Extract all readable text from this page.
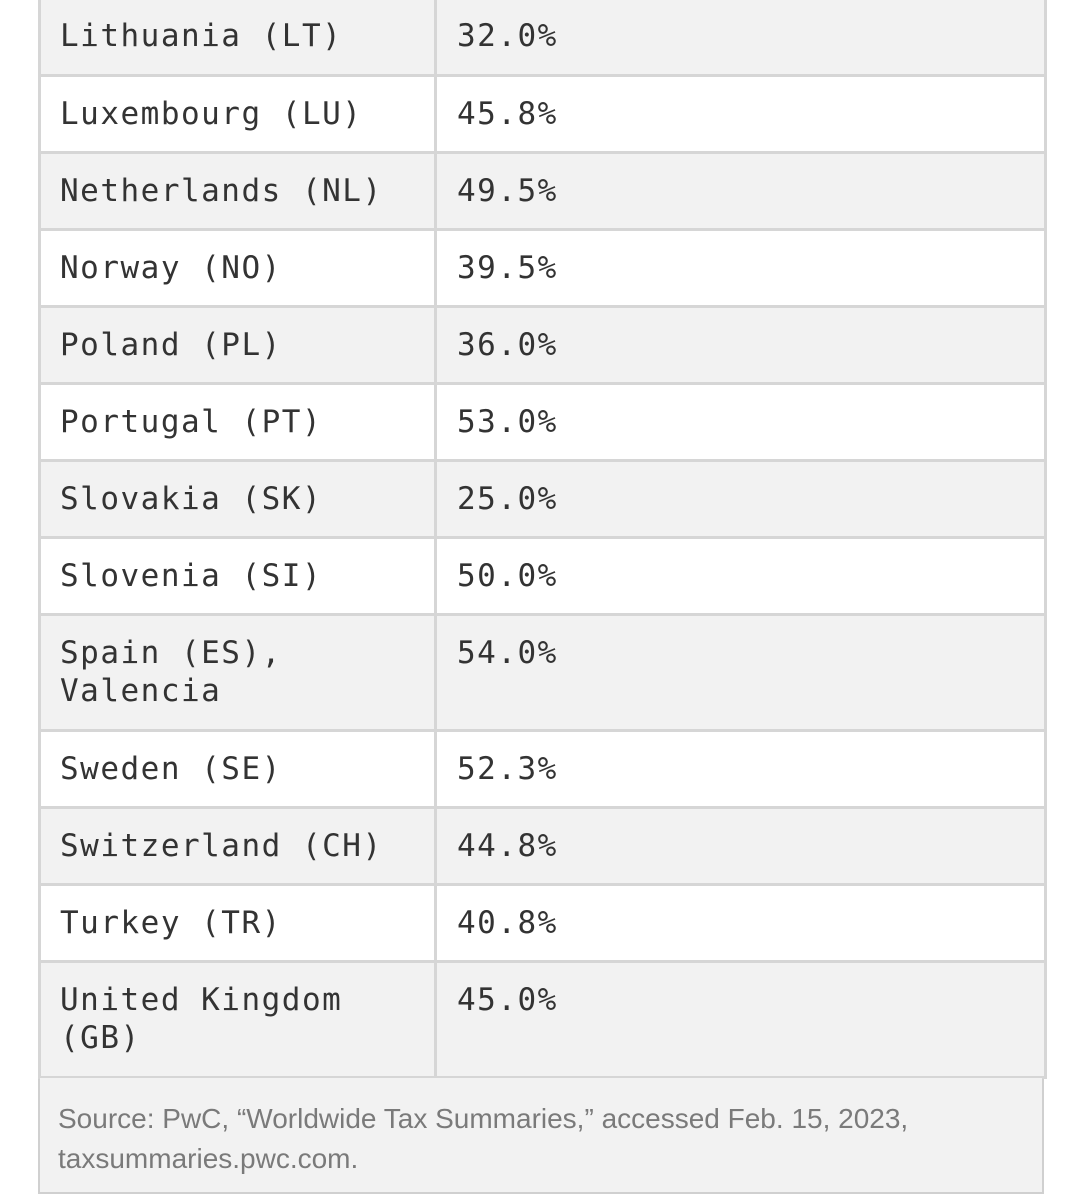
Lithuania (LT)	32.0%

Luxembourg (LU)	45.8%

Netherlands (NL)	49.5%

Norway (NO)	39.5%

Poland (PL)	36.0%

Portugal (PT)	53.0%

Slovakia (SK)	25.0%

Slovenia (SI)	50.0%

Spain (ES), Valencia	54.0%

Sweden (SE)	52.3%

Switzerland (CH)	44.8%

Turkey (TR)	40.8%

United Kingdom (GB)	45.0%
Source: PwC, “Worldwide Tax Summaries,” accessed Feb. 15, 2023, taxsummaries.pwc.com.
